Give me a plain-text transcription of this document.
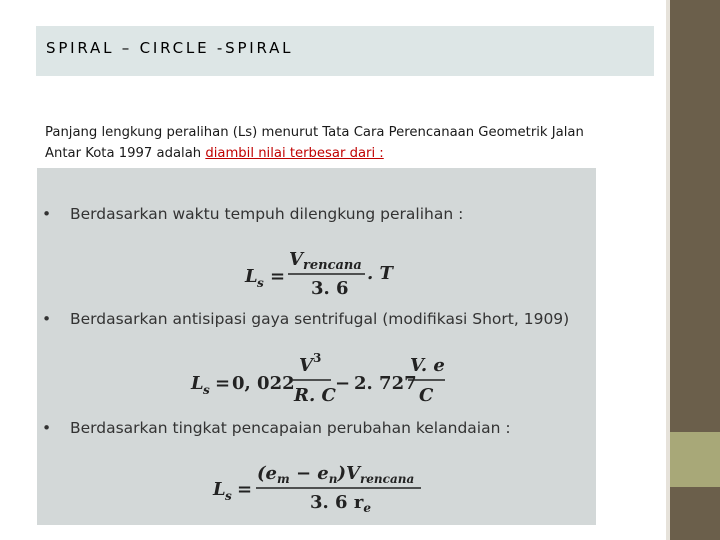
SPIRAL – CIRCLE -SPIRAL
Panjang lengkung peralihan (Ls) menurut Tata Cara Perencanaan Geometrik Jalan Antar Kota 1997 adalah diambil nilai terbesar dari :
• Berdasarkan waktu tempuh dilengkung peralihan :
L s =
V rencana
3. 6
. T
L s = 0, 022
V 3
R. C
− 2. 727
V. e
C
L s =
$(e_m - e_n)V_{rencana}$
3. 6 $r_e$
• Berdasarkan antisipasi gaya sentrifugal (modifikasi Short, 1909)
• Berdasarkan tingkat pencapaian perubahan kelandaian :
